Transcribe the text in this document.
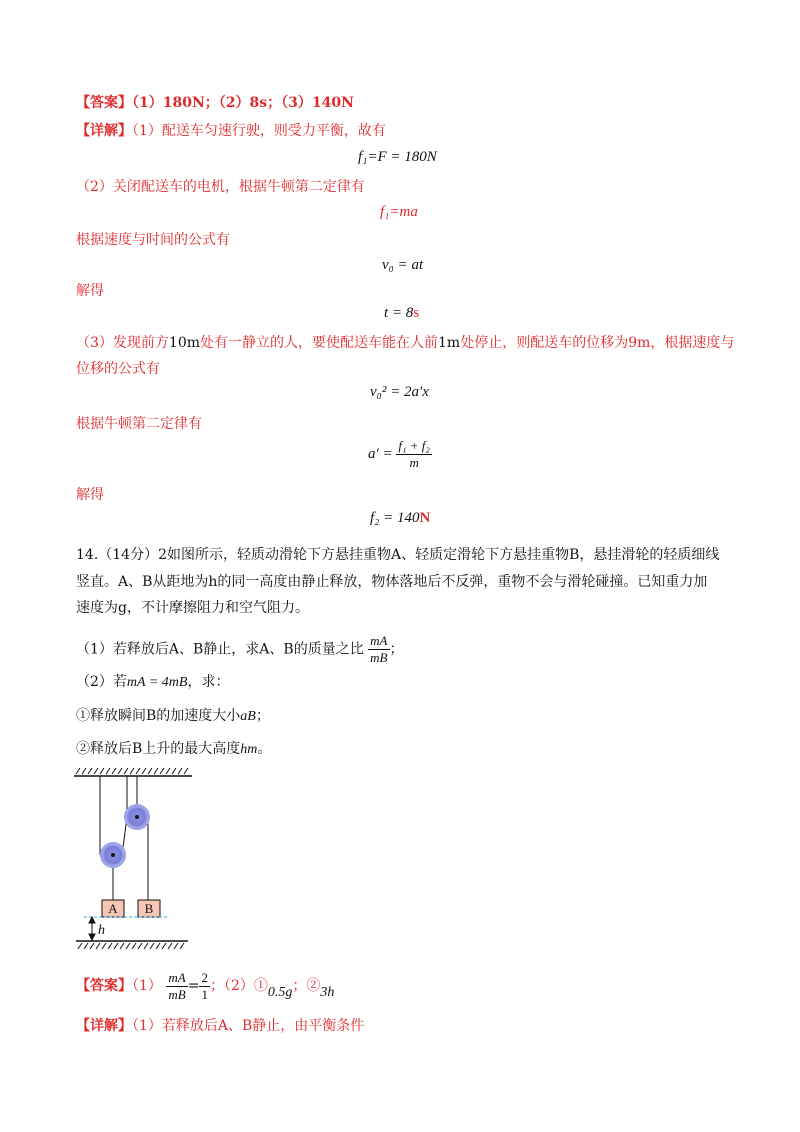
【答案】（1）180N；（2）8s；（3）140N
【详解】（1）配送车匀速行驶，则受力平衡，故有
f₁=F = 180N
（2）关闭配送车的电机，根据牛顿第二定律有
f₁=ma
根据速度与时间的公式有
v₀ = at
解得
t = 8s
（3）发现前方10m处有一静立的人，要使配送车能在人前1m处停止，则配送车的位移为9m，根据速度与
位移的公式有
v₀² = 2a′x
根据牛顿第二定律有
$a' = \frac{\text{f₁ + f₂}}{m}$
解得
f₂ = 140N
14.（14分）2如图所示，轻质动滑轮下方悬挂重物A、轻质定滑轮下方悬挂重物B，悬挂滑轮的轻质细线
竖直。A、B从距地为h的同一高度由静止释放，物体落地后不反弹，重物不会与滑轮碰撞。已知重力加
速度为g，不计摩擦阻力和空气阻力。
（1）若释放后A、B静止，求A、B的质量之比 $\frac{mA}{mB}$ ；
（2）若mA = 4mB，求：
①释放瞬间B的加速度大小aB；
②释放后B上升的最大高度hm。
A B
h
【答案】$(1) \frac{mA}{mB} = \frac{2}{1}$ ；（2）①0.5g；②3h
【详解】（1）若释放后A、B静止，由平衡条件
